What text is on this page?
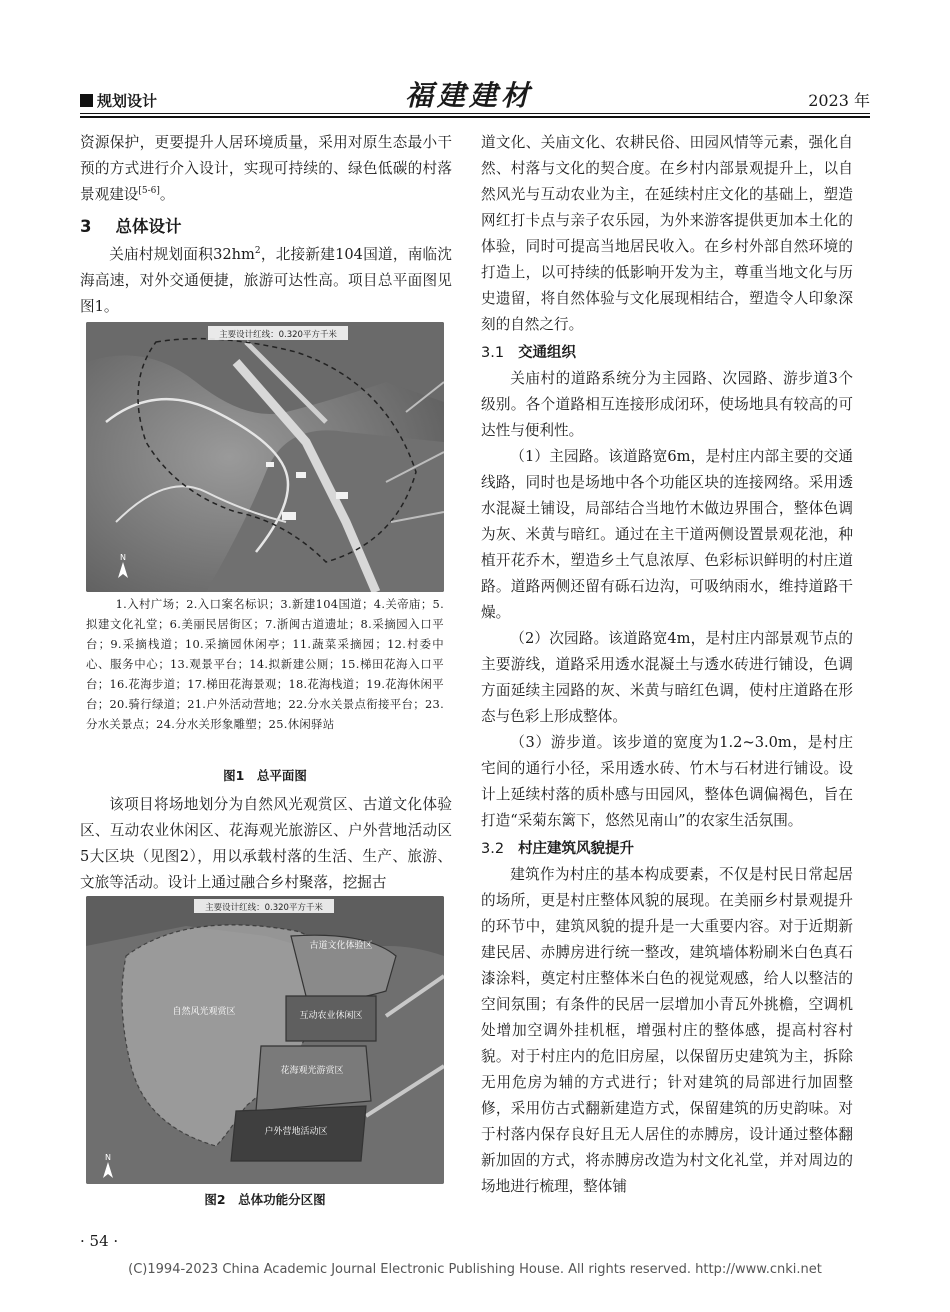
规划设计	福建建材	2023 年

资源保护，更要提升人居环境质量，采用对原生态最小干预的方式进行介入设计，实现可持续的、绿色低碳的村落景观建设[5-6]。

3 总体设计

关庙村规划面积$32hm^2$，北接新建104国道，南临沈海高速，对外交通便捷，旅游可达性高。项目总平面图见图1。

主要设计红线：0.320平方千米
N
1.入村广场；2.入口案名标识；3.新建104国道；4.关帝庙；5.拟建文化礼堂；6.美丽民居街区；7.浙闽古道遗址；8.采摘园入口平台；9.采摘栈道；10.采摘园休闲亭；11.蔬菜采摘园；12.村委中心、服务中心；13.观景平台；14.拟新建公厕；15.梯田花海入口平台；16.花海步道；17.梯田花海景观；18.花海栈道；19.花海休闲平台；20.骑行绿道；21.户外活动营地；22.分水关景点衔接平台；23.分水关景点；24.分水关形象雕塑；25.休闲驿站
图1　总平面图

该项目将场地划分为自然风光观赏区、古道文化体验区、互动农业休闲区、花海观光旅游区、户外营地活动区5大区块（见图2），用以承载村落的生活、生产、旅游、文旅等活动。设计上通过融合乡村聚落，挖掘古

古道文化体验区
互动农业休闲区
自然风光观赏区
花海观光游赏区
户外营地活动区
主要设计红线：0.320平方千米
N
图2　总体功能分区图

道文化、关庙文化、农耕民俗、田园风情等元素，强化自然、村落与文化的契合度。在乡村内部景观提升上，以自然风光与互动农业为主，在延续村庄文化的基础上，塑造网红打卡点与亲子农乐园，为外来游客提供更加本土化的体验，同时可提高当地居民收入。在乡村外部自然环境的打造上，以可持续的低影响开发为主，尊重当地文化与历史遗留，将自然体验与文化展现相结合，塑造令人印象深刻的自然之行。

3.1 交通组织

关庙村的道路系统分为主园路、次园路、游步道3个级别。各个道路相互连接形成闭环，使场地具有较高的可达性与便利性。

（1）主园路。该道路宽6m，是村庄内部主要的交通线路，同时也是场地中各个功能区块的连接网络。采用透水混凝土铺设，局部结合当地竹木做边界围合，整体色调为灰、米黄与暗红。通过在主干道两侧设置景观花池，种植开花乔木，塑造乡土气息浓厚、色彩标识鲜明的村庄道路。道路两侧还留有砾石边沟，可吸纳雨水，维持道路干燥。

（2）次园路。该道路宽4m，是村庄内部景观节点的主要游线，道路采用透水混凝土与透水砖进行铺设，色调方面延续主园路的灰、米黄与暗红色调，使村庄道路在形态与色彩上形成整体。

（3）游步道。该步道的宽度为1.2~3.0m，是村庄宅间的通行小径，采用透水砖、竹木与石材进行铺设。设计上延续村落的质朴感与田园风，整体色调偏褐色，旨在打造“采菊东篱下，悠然见南山”的农家生活氛围。

3.2 村庄建筑风貌提升

建筑作为村庄的基本构成要素，不仅是村民日常起居的场所，更是村庄整体风貌的展现。在美丽乡村景观提升的环节中，建筑风貌的提升是一大重要内容。对于近期新建民居、赤膊房进行统一整改，建筑墙体粉刷米白色真石漆涂料，奠定村庄整体米白色的视觉观感，给人以整洁的空间氛围；有条件的民居一层增加小青瓦外挑檐，空调机处增加空调外挂机框，增强村庄的整体感，提高村容村貌。对于村庄内的危旧房屋，以保留历史建筑为主，拆除无用危房为辅的方式进行；针对建筑的局部进行加固整修，采用仿古式翻新建造方式，保留建筑的历史韵味。对于村落内保存良好且无人居住的赤膊房，设计通过整体翻新加固的方式，将赤膊房改造为村文化礼堂，并对周边的场地进行梳理，整体铺

· 54 ·
(C)1994-2023 China Academic Journal Electronic Publishing House. All rights reserved. http://www.cnki.net
